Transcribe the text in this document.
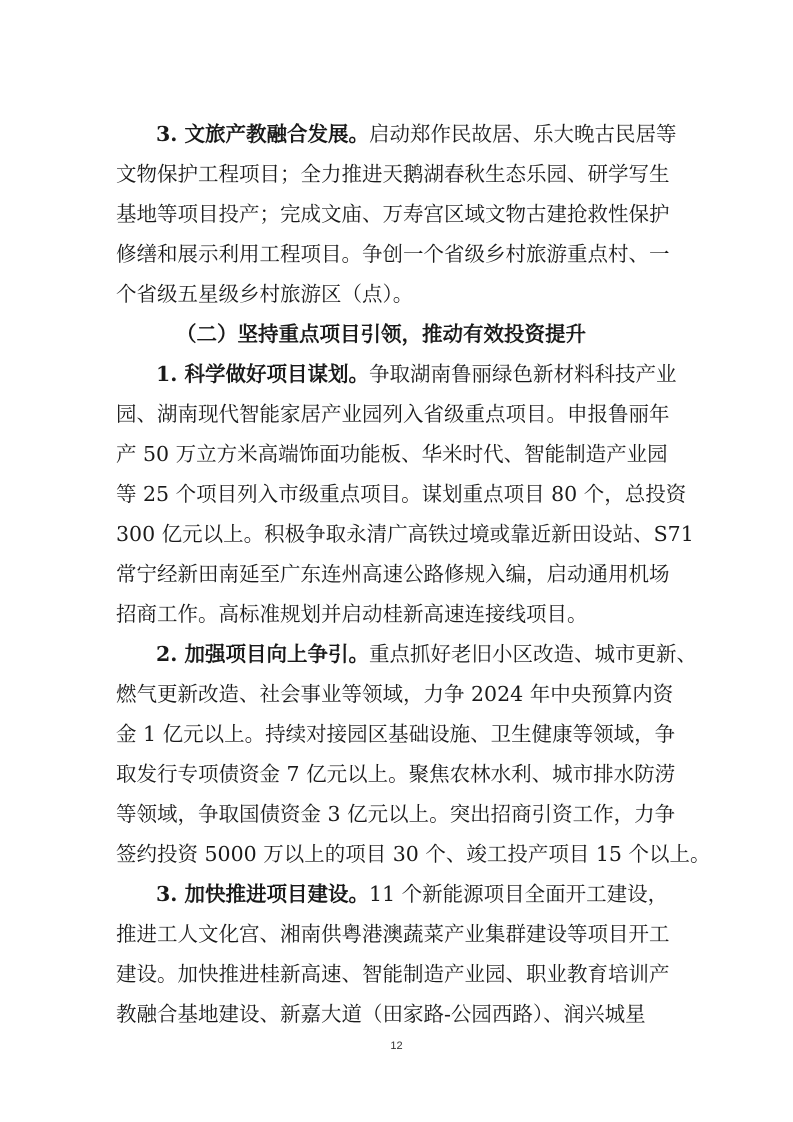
3. 文旅产教融合发展。启动郑作民故居、乐大晚古民居等
文物保护工程项目；全力推进天鹅湖春秋生态乐园、研学写生
基地等项目投产；完成文庙、万寿宫区域文物古建抢救性保护
修缮和展示利用工程项目。争创一个省级乡村旅游重点村、一
个省级五星级乡村旅游区（点）。
（二）坚持重点项目引领，推动有效投资提升
1. 科学做好项目谋划。争取湖南鲁丽绿色新材料科技产业
园、湖南现代智能家居产业园列入省级重点项目。申报鲁丽年
产 50 万立方米高端饰面功能板、华米时代、智能制造产业园
等 25 个项目列入市级重点项目。谋划重点项目 80 个，总投资
300 亿元以上。积极争取永清广高铁过境或靠近新田设站、S71
常宁经新田南延至广东连州高速公路修规入编，启动通用机场
招商工作。高标准规划并启动桂新高速连接线项目。
2. 加强项目向上争引。重点抓好老旧小区改造、城市更新、
燃气更新改造、社会事业等领域，力争 2024 年中央预算内资
金 1 亿元以上。持续对接园区基础设施、卫生健康等领域，争
取发行专项债资金 7 亿元以上。聚焦农林水利、城市排水防涝
等领域，争取国债资金 3 亿元以上。突出招商引资工作，力争
签约投资 5000 万以上的项目 30 个、竣工投产项目 15 个以上。
3. 加快推进项目建设。11 个新能源项目全面开工建设，
推进工人文化宫、湘南供粤港澳蔬菜产业集群建设等项目开工
建设。加快推进桂新高速、智能制造产业园、职业教育培训产
教融合基地建设、新嘉大道（田家路-公园西路）、润兴城星
12
